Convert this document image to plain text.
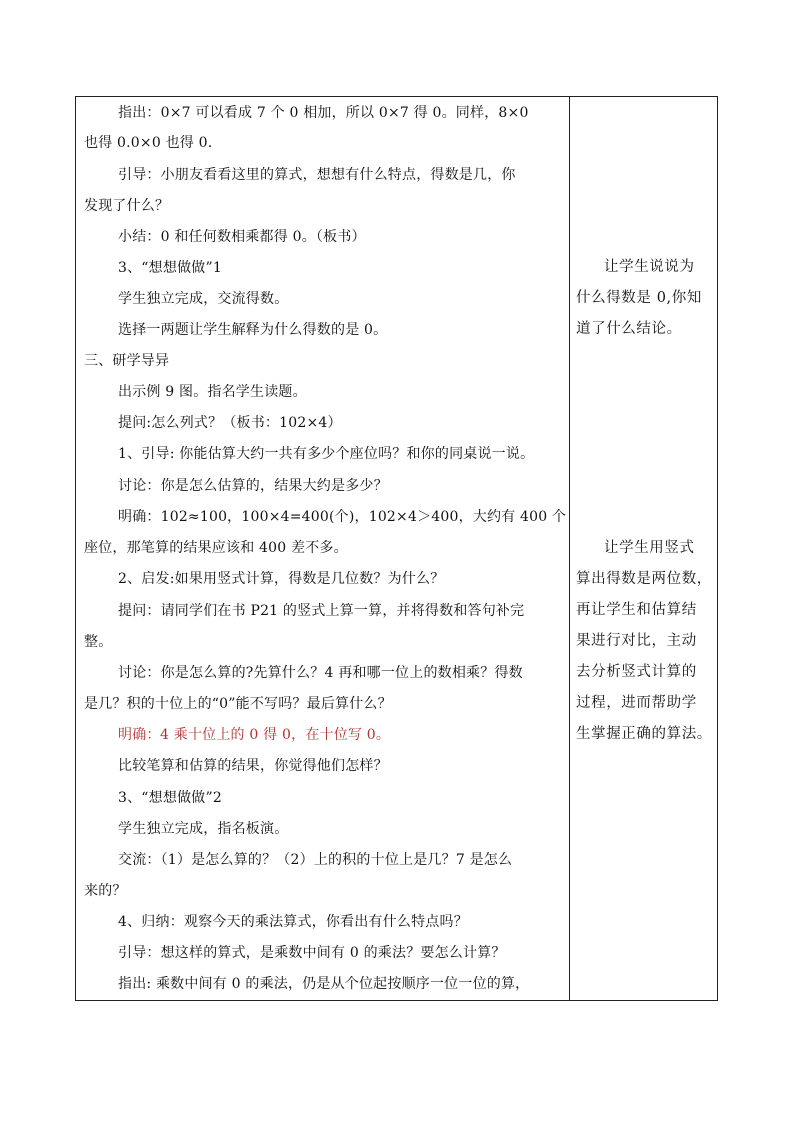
指出：0×7 可以看成 7 个 0 相加，所以 0×7 得 0。同样，8×0
也得 0.0×0 也得 0.
引导：小朋友看看这里的算式，想想有什么特点，得数是几，你
发现了什么？
小结：0 和任何数相乘都得 0。（板书）
3、“想想做做”1
学生独立完成，交流得数。
选择一两题让学生解释为什么得数的是 0。
三、研学导异
出示例 9 图。指名学生读题。
提问:怎么列式？（板书：102×4）
1、引导: 你能估算大约一共有多少个座位吗？和你的同桌说一说。
讨论：你是怎么估算的，结果大约是多少？
明确：102≈100，100×4=400(个)，102×4＞400，大约有 400 个
座位，那笔算的结果应该和 400 差不多。
2、启发:如果用竖式计算，得数是几位数？为什么？
提问：请同学们在书 P21 的竖式上算一算，并将得数和答句补完
整。
讨论：你是怎么算的?先算什么？4 再和哪一位上的数相乘？得数
是几？积的十位上的“0”能不写吗？最后算什么？
明确： 4 乘十位上的 0 得 0，在十位写 0。
比较笔算和估算的结果，你觉得他们怎样？
3、“想想做做”2
学生独立完成，指名板演。
交流：（1）是怎么算的？（2）上的积的十位上是几？7 是怎么
来的？
4、归纳：观察今天的乘法算式，你看出有什么特点吗？
引导：想这样的算式，是乘数中间有 0 的乘法？要怎么计算？
指出: 乘数中间有 0 的乘法，仍是从个位起按顺序一位一位的算，
让学生说说为
什么得数是 0,你知
道了什么结论。
让学生用竖式
算出得数是两位数，
再让学生和估算结
果进行对比，主动
去分析竖式计算的
过程，进而帮助学
生掌握正确的算法。
